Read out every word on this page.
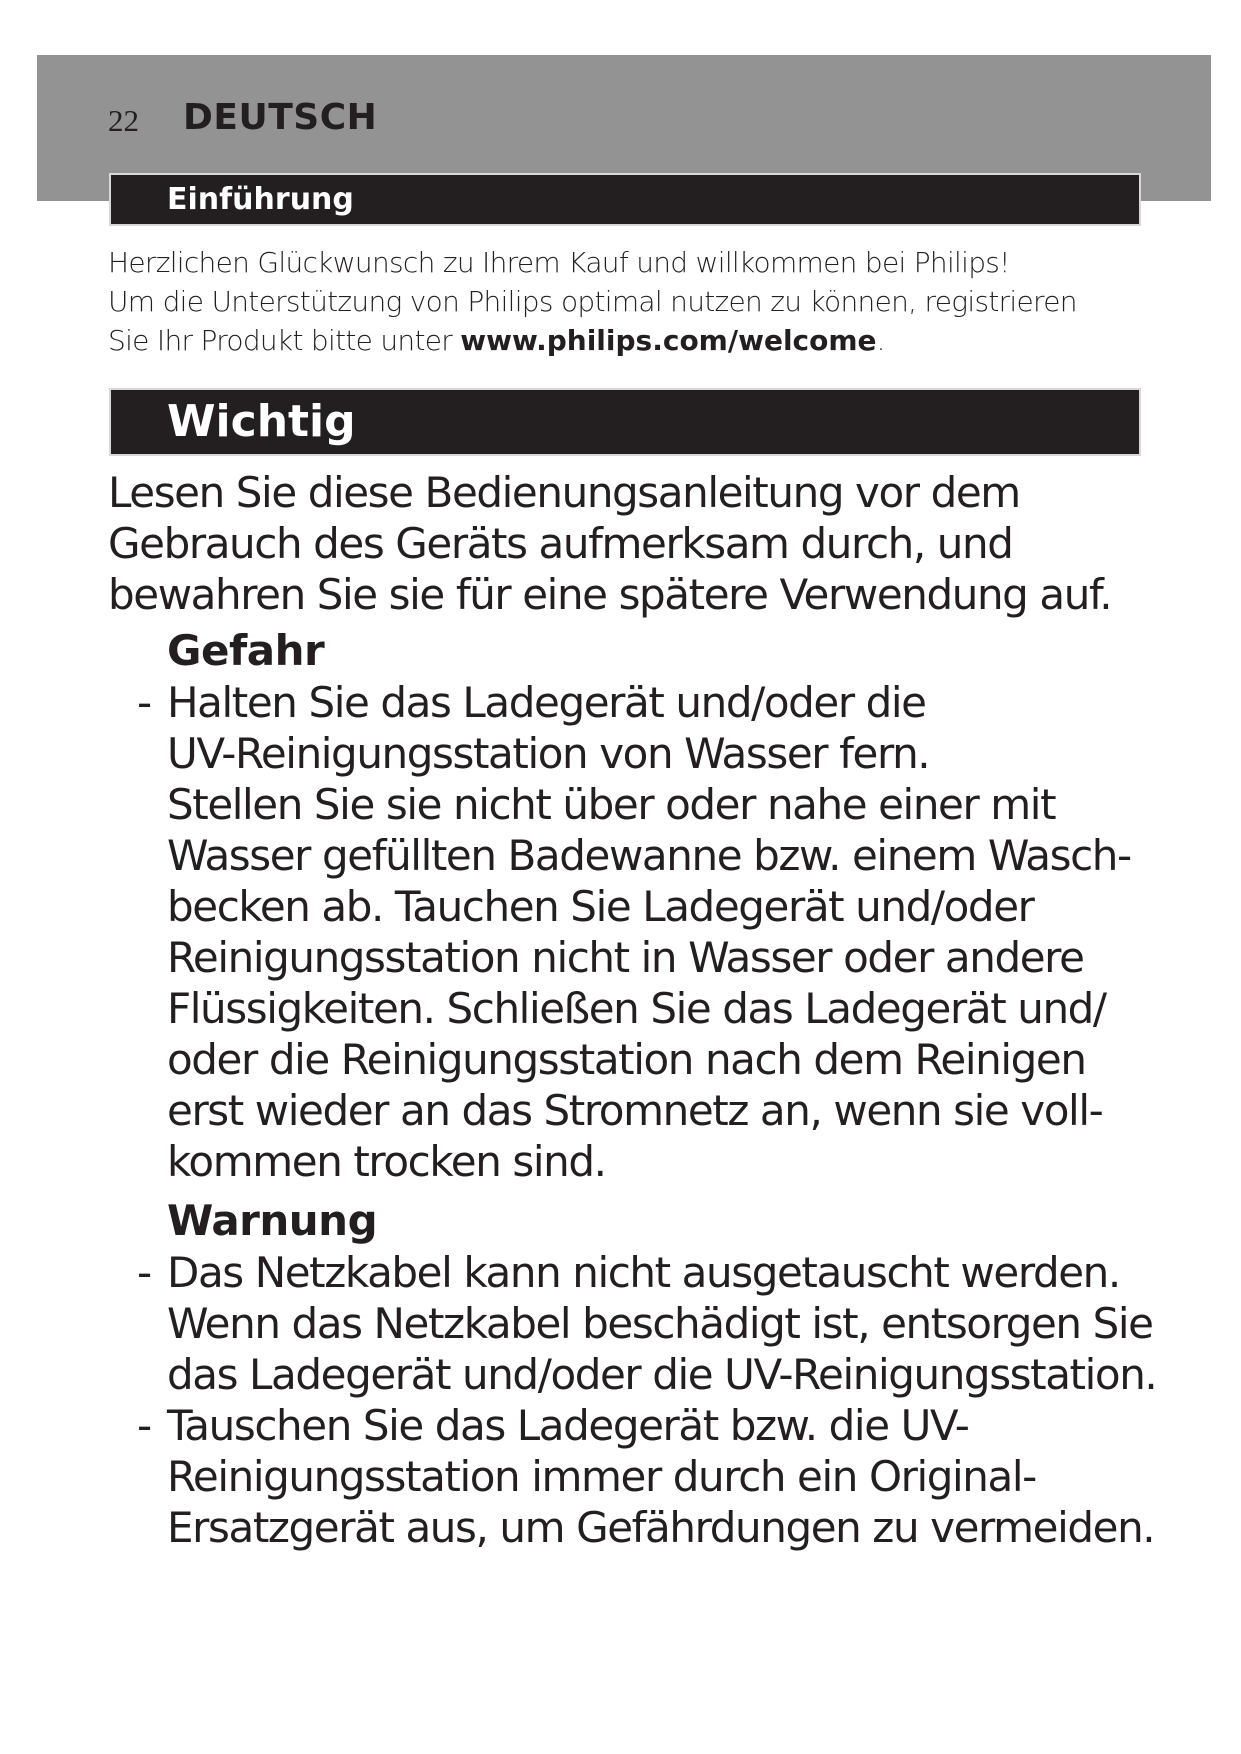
22 DEUTSCH
Einführung

Herzlichen Glückwunsch zu Ihrem Kauf und willkommen bei Philips!
Um die Unterstützung von Philips optimal nutzen zu können, registrieren
Sie Ihr Produkt bitte unter www.philips.com/welcome.

Wichtig

Lesen Sie diese Bedienungsanleitung vor dem
Gebrauch des Geräts aufmerksam durch, und
bewahren Sie sie für eine spätere Verwendung auf.

Gefahr
- Halten Sie das Ladegerät und/oder die
UV-Reinigungsstation von Wasser fern.
Stellen Sie sie nicht über oder nahe einer mit
Wasser gefüllten Badewanne bzw. einem Wasch-
becken ab. Tauchen Sie Ladegerät und/oder
Reinigungsstation nicht in Wasser oder andere
Flüssigkeiten. Schließen Sie das Ladegerät und/
oder die Reinigungsstation nach dem Reinigen
erst wieder an das Stromnetz an, wenn sie voll-
kommen trocken sind.
Warnung
- Das Netzkabel kann nicht ausgetauscht werden.
Wenn das Netzkabel beschädigt ist, entsorgen Sie
das Ladegerät und/oder die UV-Reinigungsstation.
- Tauschen Sie das Ladegerät bzw. die UV-
Reinigungsstation immer durch ein Original-
Ersatzgerät aus, um Gefährdungen zu vermeiden.
